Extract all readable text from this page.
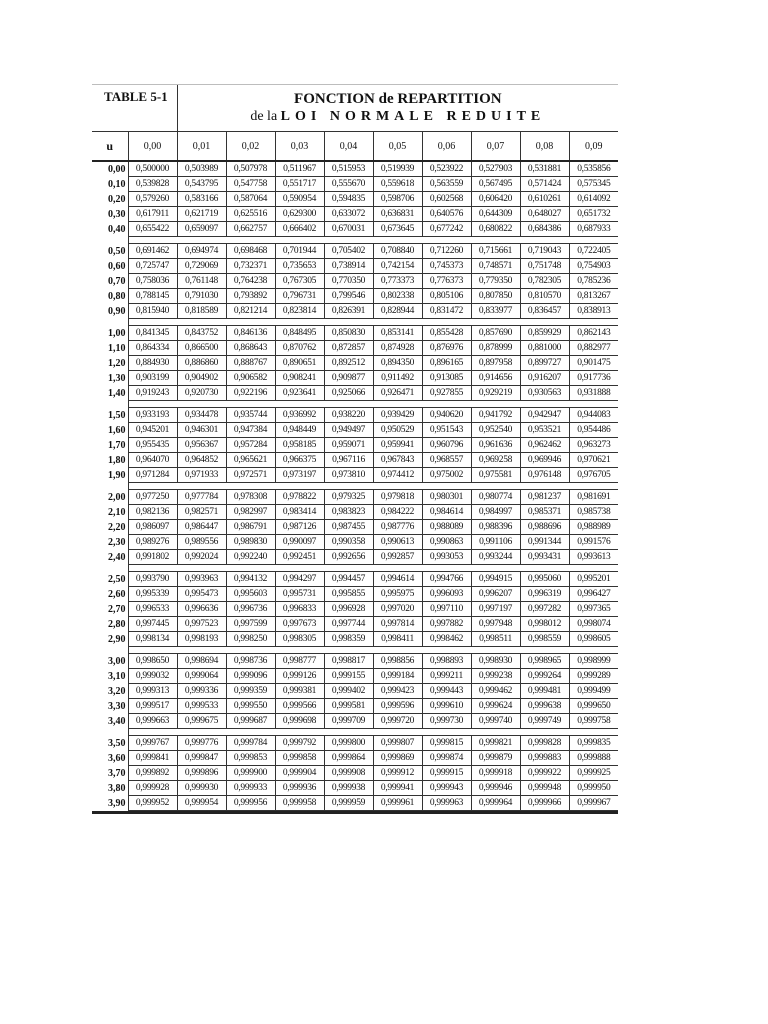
TABLE 5-1		FONCTION de REPARTITION
de la LOI NORMALE REDUITE								

u	0,00	0,01	0,02	0,03	0,04	0,05	0,06	0,07	0,08	0,09
0,00	0,500000	0,503989	0,507978	0,511967	0,515953	0,519939	0,523922	0,527903	0,531881	0,535856
0,10	0,539828	0,543795	0,547758	0,551717	0,555670	0,559618	0,563559	0,567495	0,571424	0,575345
0,20	0,579260	0,583166	0,587064	0,590954	0,594835	0,598706	0,602568	0,606420	0,610261	0,614092
0,30	0,617911	0,621719	0,625516	0,629300	0,633072	0,636831	0,640576	0,644309	0,648027	0,651732
0,40	0,655422	0,659097	0,662757	0,666402	0,670031	0,673645	0,677242	0,680822	0,684386	0,687933

0,50	0,691462	0,694974	0,698468	0,701944	0,705402	0,708840	0,712260	0,715661	0,719043	0,722405
0,60	0,725747	0,729069	0,732371	0,735653	0,738914	0,742154	0,745373	0,748571	0,751748	0,754903
0,70	0,758036	0,761148	0,764238	0,767305	0,770350	0,773373	0,776373	0,779350	0,782305	0,785236
0,80	0,788145	0,791030	0,793892	0,796731	0,799546	0,802338	0,805106	0,807850	0,810570	0,813267
0,90	0,815940	0,818589	0,821214	0,823814	0,826391	0,828944	0,831472	0,833977	0,836457	0,838913

1,00	0,841345	0,843752	0,846136	0,848495	0,850830	0,853141	0,855428	0,857690	0,859929	0,862143
1,10	0,864334	0,866500	0,868643	0,870762	0,872857	0,874928	0,876976	0,878999	0,881000	0,882977
1,20	0,884930	0,886860	0,888767	0,890651	0,892512	0,894350	0,896165	0,897958	0,899727	0,901475
1,30	0,903199	0,904902	0,906582	0,908241	0,909877	0,911492	0,913085	0,914656	0,916207	0,917736
1,40	0,919243	0,920730	0,922196	0,923641	0,925066	0,926471	0,927855	0,929219	0,930563	0,931888

1,50	0,933193	0,934478	0,935744	0,936992	0,938220	0,939429	0,940620	0,941792	0,942947	0,944083
1,60	0,945201	0,946301	0,947384	0,948449	0,949497	0,950529	0,951543	0,952540	0,953521	0,954486
1,70	0,955435	0,956367	0,957284	0,958185	0,959071	0,959941	0,960796	0,961636	0,962462	0,963273
1,80	0,964070	0,964852	0,965621	0,966375	0,967116	0,967843	0,968557	0,969258	0,969946	0,970621
1,90	0,971284	0,971933	0,972571	0,973197	0,973810	0,974412	0,975002	0,975581	0,976148	0,976705

2,00	0,977250	0,977784	0,978308	0,978822	0,979325	0,979818	0,980301	0,980774	0,981237	0,981691
2,10	0,982136	0,982571	0,982997	0,983414	0,983823	0,984222	0,984614	0,984997	0,985371	0,985738
2,20	0,986097	0,986447	0,986791	0,987126	0,987455	0,987776	0,988089	0,988396	0,988696	0,988989
2,30	0,989276	0,989556	0,989830	0,990097	0,990358	0,990613	0,990863	0,991106	0,991344	0,991576
2,40	0,991802	0,992024	0,992240	0,992451	0,992656	0,992857	0,993053	0,993244	0,993431	0,993613

2,50	0,993790	0,993963	0,994132	0,994297	0,994457	0,994614	0,994766	0,994915	0,995060	0,995201
2,60	0,995339	0,995473	0,995603	0,995731	0,995855	0,995975	0,996093	0,996207	0,996319	0,996427
2,70	0,996533	0,996636	0,996736	0,996833	0,996928	0,997020	0,997110	0,997197	0,997282	0,997365
2,80	0,997445	0,997523	0,997599	0,997673	0,997744	0,997814	0,997882	0,997948	0,998012	0,998074
2,90	0,998134	0,998193	0,998250	0,998305	0,998359	0,998411	0,998462	0,998511	0,998559	0,998605

3,00	0,998650	0,998694	0,998736	0,998777	0,998817	0,998856	0,998893	0,998930	0,998965	0,998999
3,10	0,999032	0,999064	0,999096	0,999126	0,999155	0,999184	0,999211	0,999238	0,999264	0,999289
3,20	0,999313	0,999336	0,999359	0,999381	0,999402	0,999423	0,999443	0,999462	0,999481	0,999499
3,30	0,999517	0,999533	0,999550	0,999566	0,999581	0,999596	0,999610	0,999624	0,999638	0,999650
3,40	0,999663	0,999675	0,999687	0,999698	0,999709	0,999720	0,999730	0,999740	0,999749	0,999758

3,50	0,999767	0,999776	0,999784	0,999792	0,999800	0,999807	0,999815	0,999821	0,999828	0,999835
3,60	0,999841	0,999847	0,999853	0,999858	0,999864	0,999869	0,999874	0,999879	0,999883	0,999888
3,70	0,999892	0,999896	0,999900	0,999904	0,999908	0,999912	0,999915	0,999918	0,999922	0,999925
3,80	0,999928	0,999930	0,999933	0,999936	0,999938	0,999941	0,999943	0,999946	0,999948	0,999950
3,90	0,999952	0,999954	0,999956	0,999958	0,999959	0,999961	0,999963	0,999964	0,999966	0,999967
